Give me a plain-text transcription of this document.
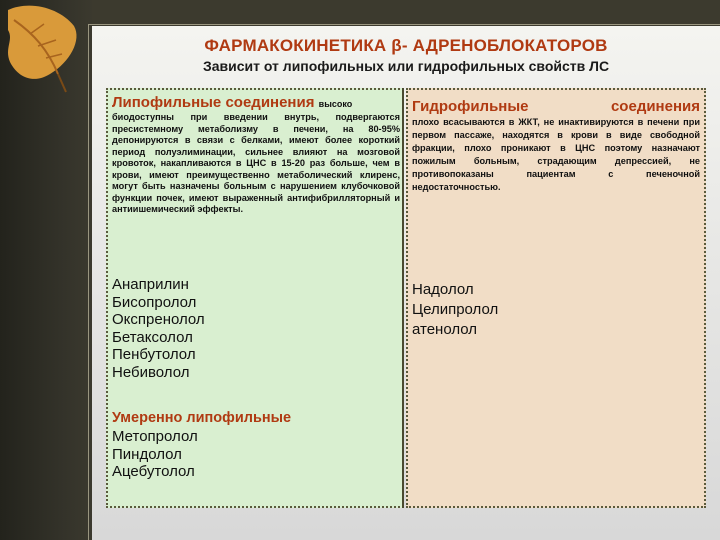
ФАРМАКОКИНЕТИКА β- АДРЕНОБЛОКАТОРОВ
Зависит от липофильных или гидрофильных свойств ЛС
Липофильные соединения высоко
биодоступны при введении внутрь, подвергаются пресистемному метаболизму в печени, на 80-95% депонируются в связи с белками, имеют более короткий период полуэлиминации, сильнее влияют на мозговой кровоток, накапливаются в ЦНС в 15-20 раз больше, чем в крови, имеют преимущественно метаболический клиренс, могут быть назначены больным с нарушением клубочковой функции почек, имеют выраженный антифибрилляторный и антиишемический эффекты.
Анаприлин
Бисопролол
Окспренолол
Бетаксолол
Пенбутолол
Небиволол
Умеренно липофильные
Метопролол
Пиндолол
Ацебутолол
Гидрофильные	соединения
плохо всасываются в ЖКТ, не инактивируются в печени при первом пассаже, находятся в крови в виде свободной фракции, плохо проникают в ЦНС поэтому назначают пожилым больным, страдающим депрессией, не противопоказаны пациентам с печеночной недостаточностью.
Надолол
Целипролол
атенолол
